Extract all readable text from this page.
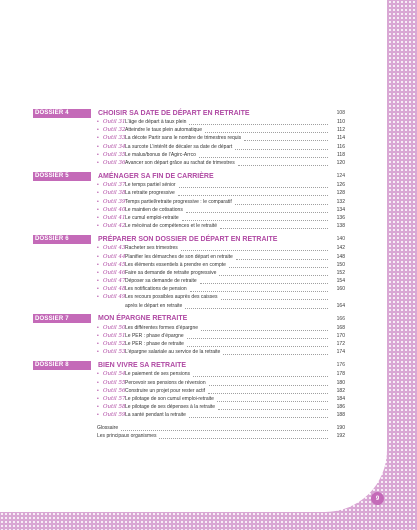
DOSSIER 4	CHOISIR SA DATE DE DÉPART EN RETRAITE	108
• Outil 31 L’âge de départ à taux plein	110
• Outil 32 Atteindre le taux plein automatique	112
• Outil 33 La décote Partir sans le nombre de trimestres requis	114
• Outil 34 La surcote L’intérêt de décaler sa date de départ	116
• Outil 35 Le malus/bonus de l’Agirc-Arrco	118
• Outil 36 Avancer son départ grâce au rachat de trimestres	120
DOSSIER 5	AMÉNAGER SA FIN DE CARRIÈRE	124
• Outil 37 Le temps partiel sénior	126
• Outil 38 La retraite progressive	128
• Outil 39 Temps partiel/retraite progressive : le comparatif	132
• Outil 40 Le maintien de cotisations	134
• Outil 41 Le cumul emploi-retraite	136
• Outil 42 Le mécénat de compétences et le retraité	138
DOSSIER 6	PRÉPARER SON DOSSIER DE DÉPART EN RETRAITE	140
• Outil 43 Racheter ses trimestres	142
• Outil 44 Planifier les démarches de son départ en retraite	148
• Outil 45 Les éléments essentiels à prendre en compte	150
• Outil 46 Faire sa demande de retraite progressive	152
• Outil 47 Déposer sa demande de retraite	154
• Outil 48 Les notifications de pension	160
• Outil 49 Les recours possibles auprès des caisses
après le départ en retraite	164
DOSSIER 7	MON ÉPARGNE RETRAITE	166
• Outil 50 Les différentes formes d’épargne	168
• Outil 51 Le PER : phase d’épargne	170
• Outil 52 Le PER : phase de retraite	172
• Outil 53 L’épargne salariale au service de la retraite	174
DOSSIER 8	BIEN VIVRE SA RETRAITE	176
• Outil 54 Le paiement de ses pensions	178
• Outil 55 Percevoir ses pensions de réversion	180
• Outil 56 Construire un projet pour rester actif	182
• Outil 57 Le pilotage de son cumul emploi-retraite	184
• Outil 58 Le pilotage de ses dépenses à la retraite	186
• Outil 59 La santé pendant la retraite	188
Glossaire	190
Les principaux organismes	192
9
